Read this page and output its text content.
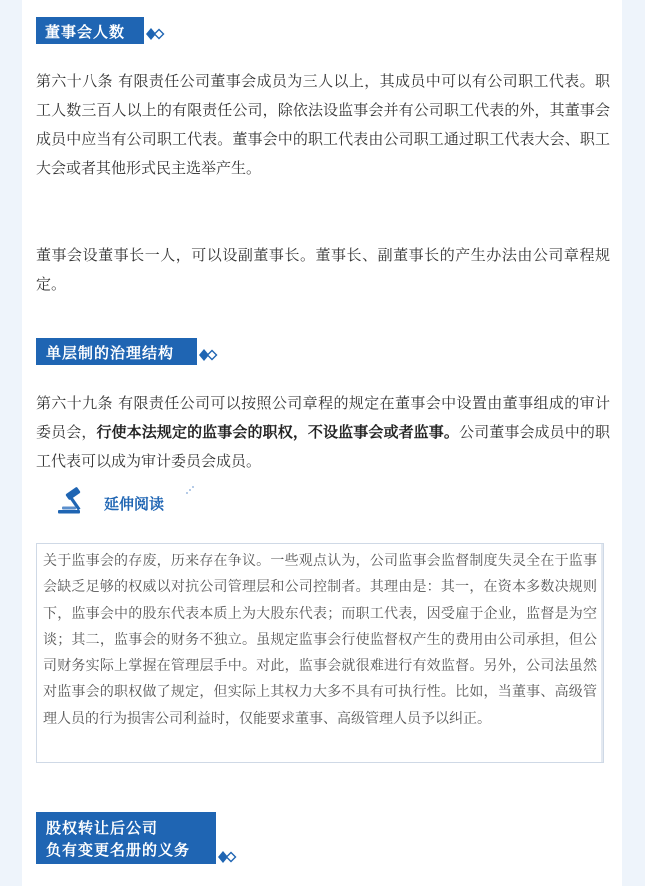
董事会人数

第六十八条 有限责任公司董事会成员为三人以上，其成员中可以有公司职工代表。职工人数三百人以上的有限责任公司，除依法设监事会并有公司职工代表的外，其董事会成员中应当有公司职工代表。董事会中的职工代表由公司职工通过职工代表大会、职工大会或者其他形式民主选举产生。

董事会设董事长一人，可以设副董事长。董事长、副董事长的产生办法由公司章程规定。

单层制的治理结构

第六十九条 有限责任公司可以按照公司章程的规定在董事会中设置由董事组成的审计委员会，行使本法规定的监事会的职权，不设监事会或者监事。公司董事会成员中的职工代表可以成为审计委员会成员。

延伸阅读
关于监事会的存废，历来存在争议。一些观点认为，公司监事会监督制度失灵全在于监事会缺乏足够的权威以对抗公司管理层和公司控制者。其理由是：其一，在资本多数决规则下，监事会中的股东代表本质上为大股东代表；而职工代表，因受雇于企业，监督是为空谈；其二，监事会的财务不独立。虽规定监事会行使监督权产生的费用由公司承担，但公司财务实际上掌握在管理层手中。对此，监事会就很难进行有效监督。另外，公司法虽然对监事会的职权做了规定，但实际上其权力大多不具有可执行性。比如，当董事、高级管理人员的行为损害公司利益时，仅能要求董事、高级管理人员予以纠正。
股权转让后公司
负有变更名册的义务
